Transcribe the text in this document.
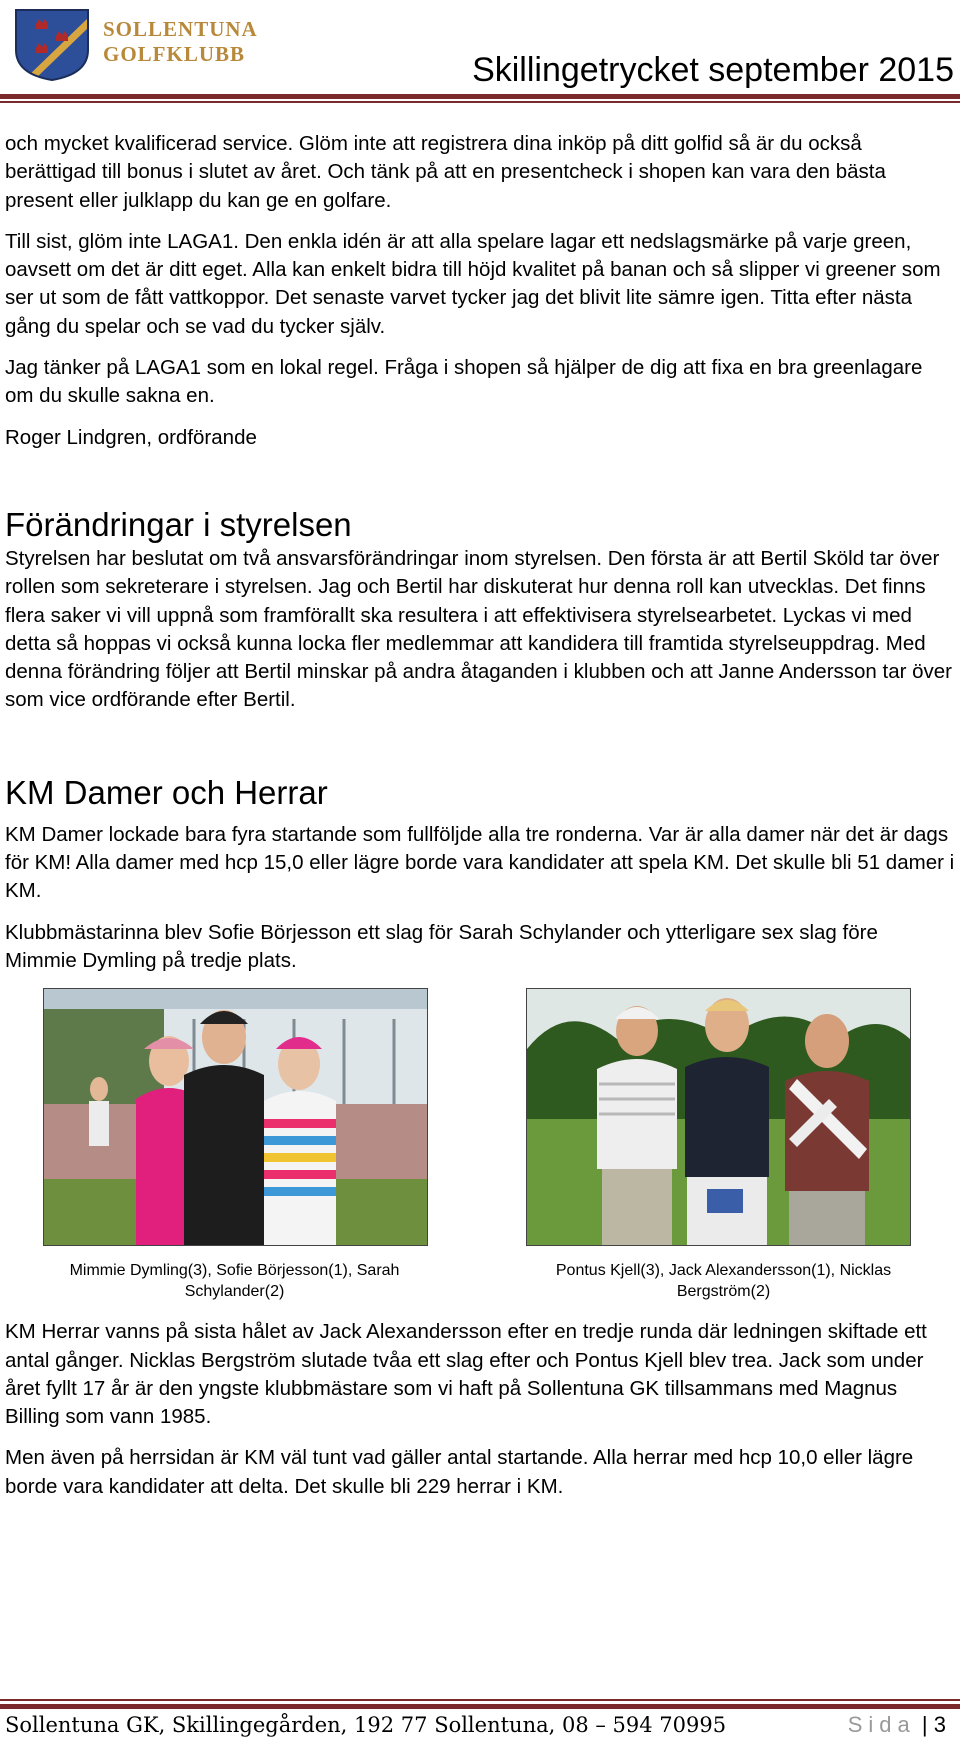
SOLLENTUNA
GOLFKLUBB	Skillingetrycket september 2015

och mycket kvalificerad service. Glöm inte att registrera dina inköp på ditt golfid så är du också berättigad till bonus i slutet av året. Och tänk på att en presentcheck i shopen kan vara den bästa present eller julklapp du kan ge en golfare.

Till sist, glöm inte LAGA1. Den enkla idén är att alla spelare lagar ett nedslagsmärke på varje green, oavsett om det är ditt eget. Alla kan enkelt bidra till höjd kvalitet på banan och så slipper vi greener som ser ut som de fått vattkoppor. Det senaste varvet tycker jag det blivit lite sämre igen. Titta efter nästa gång du spelar och se vad du tycker själv.

Jag tänker på LAGA1 som en lokal regel. Fråga i shopen så hjälper de dig att fixa en bra greenlagare om du skulle sakna en.

Roger Lindgren, ordförande

Förändringar i styrelsen

Styrelsen har beslutat om två ansvarsförändringar inom styrelsen. Den första är att Bertil Sköld tar över rollen som sekreterare i styrelsen. Jag och Bertil har diskuterat hur denna roll kan utvecklas. Det finns flera saker vi vill uppnå som framförallt ska resultera i att effektivisera styrelsearbetet. Lyckas vi med detta så hoppas vi också kunna locka fler medlemmar att kandidera till framtida styrelseuppdrag. Med denna förändring följer att Bertil minskar på andra åtaganden i klubben och att Janne Andersson tar över som vice ordförande efter Bertil.

KM Damer och Herrar

KM Damer lockade bara fyra startande som fullföljde alla tre ronderna. Var är alla damer när det är dags för KM! Alla damer med hcp 15,0 eller lägre borde vara kandidater att spela KM. Det skulle bli 51 damer i KM.

Klubbmästarinna blev Sofie Börjesson ett slag för Sarah Schylander och ytterligare sex slag före Mimmie Dymling på tredje plats.

Mimmie Dymling(3), Sofie Börjesson(1), Sarah Schylander(2)
Pontus Kjell(3), Jack Alexandersson(1), Nicklas Bergström(2)

KM Herrar vanns på sista hålet av Jack Alexandersson efter en tredje runda där ledningen skiftade ett antal gånger. Nicklas Bergström slutade tvåa ett slag efter och Pontus Kjell blev trea. Jack som under året fyllt 17 år är den yngste klubbmästare som vi haft på Sollentuna GK tillsammans med Magnus Billing som vann 1985.

Men även på herrsidan är KM väl tunt vad gäller antal startande. Alla herrar med hcp 10,0 eller lägre borde vara kandidater att delta. Det skulle bli 229 herrar i KM.

Sollentuna GK, Skillingegården, 192 77 Sollentuna, 08 – 594 70995	Sida | 3
